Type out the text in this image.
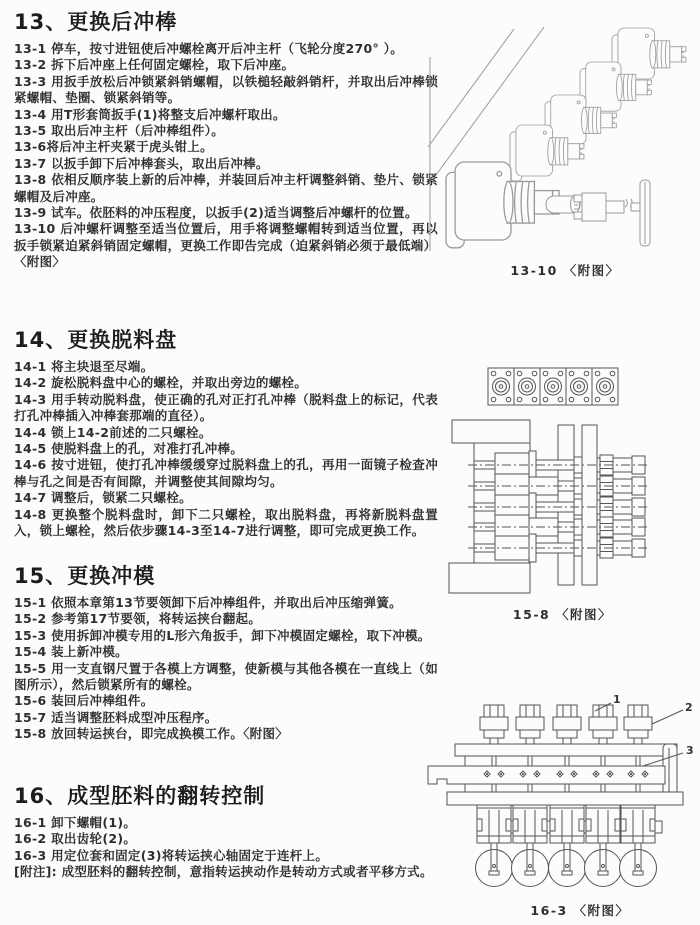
13、更换后冲棒

13-1 停车，按寸进钮使后冲螺栓离开后冲主杆（飞轮分度270° ）。

13-2 拆下后冲座上任何固定螺栓，取下后冲座。

13-3 用扳手放松后冲锁紧斜销螺帽，以铁槌轻敲斜销杆，并取出后冲棒锁紧螺帽、垫圈、锁紧斜销等。

13-4 用T形套筒扳手(1)将整支后冲螺杆取出。

13-5 取出后冲主杆（后冲棒组件）。

13-6将后冲主杆夹紧于虎头钳上。

13-7 以扳手卸下后冲棒套头，取出后冲棒。

13-8 依相反顺序装上新的后冲棒，并装回后冲主杆调整斜销、垫片、锁紧螺帽及后冲座。

13-9 试车。依胚料的冲压程度，以扳手(2)适当调整后冲螺杆的位置。

13-10 后冲螺杆调整至适当位置后，用手将调整螺帽转到适当位置，再以扳手锁紧迫紧斜销固定螺帽，更换工作即告完成（迫紧斜销必须于最低端）

〈附图〉

14、更换脱料盘

14-1 将主块退至尽端。

14-2 旋松脱料盘中心的螺栓，并取出旁边的螺栓。

14-3 用手转动脱料盘，使正确的孔对正打孔冲棒（脱料盘上的标记，代表打孔冲棒插入冲棒套那端的直径）。

14-4 锁上14-2前述的二只螺栓。

14-5 使脱料盘上的孔，对准打孔冲棒。

14-6 按寸进钮，使打孔冲棒缓缓穿过脱料盘上的孔，再用一面镜子检查冲棒与孔之间是否有间隙，并调整使其间隙均匀。

14-7 调整后，锁紧二只螺栓。

14-8 更换整个脱料盘时，卸下二只螺栓，取出脱料盘，再将新脱料盘置入，锁上螺栓，然后依步骤14-3至14-7进行调整，即可完成更换工作。

15、更换冲模

15-1 依照本章第13节要领卸下后冲棒组件，并取出后冲压缩弹簧。

15-2 参考第17节要领，将转运挟台翻起。

15-3 使用拆卸冲模专用的L形六角扳手，卸下冲模固定螺栓，取下冲模。

15-4 装上新冲模。

15-5 用一支直钢尺置于各模上方调整，使新模与其他各模在一直线上（如图所示），然后锁紧所有的螺栓。

15-6 装回后冲棒组件。

15-7 适当调整胚料成型冲压程序。

15-8 放回转运挟台，即完成换模工作。〈附图〉

16、成型胚料的翻转控制

16-1 卸下螺帽(1)。

16-2 取出齿轮(2)。

16-3 用定位套和固定(3)将转运挟心轴固定于连杆上。

[附注]: 成型胚料的翻转控制，意指转运挟动作是转动方式或者平移方式。

13-10 〈附图〉
15-8 〈附图〉
1
2
3
16-3 〈附图〉
